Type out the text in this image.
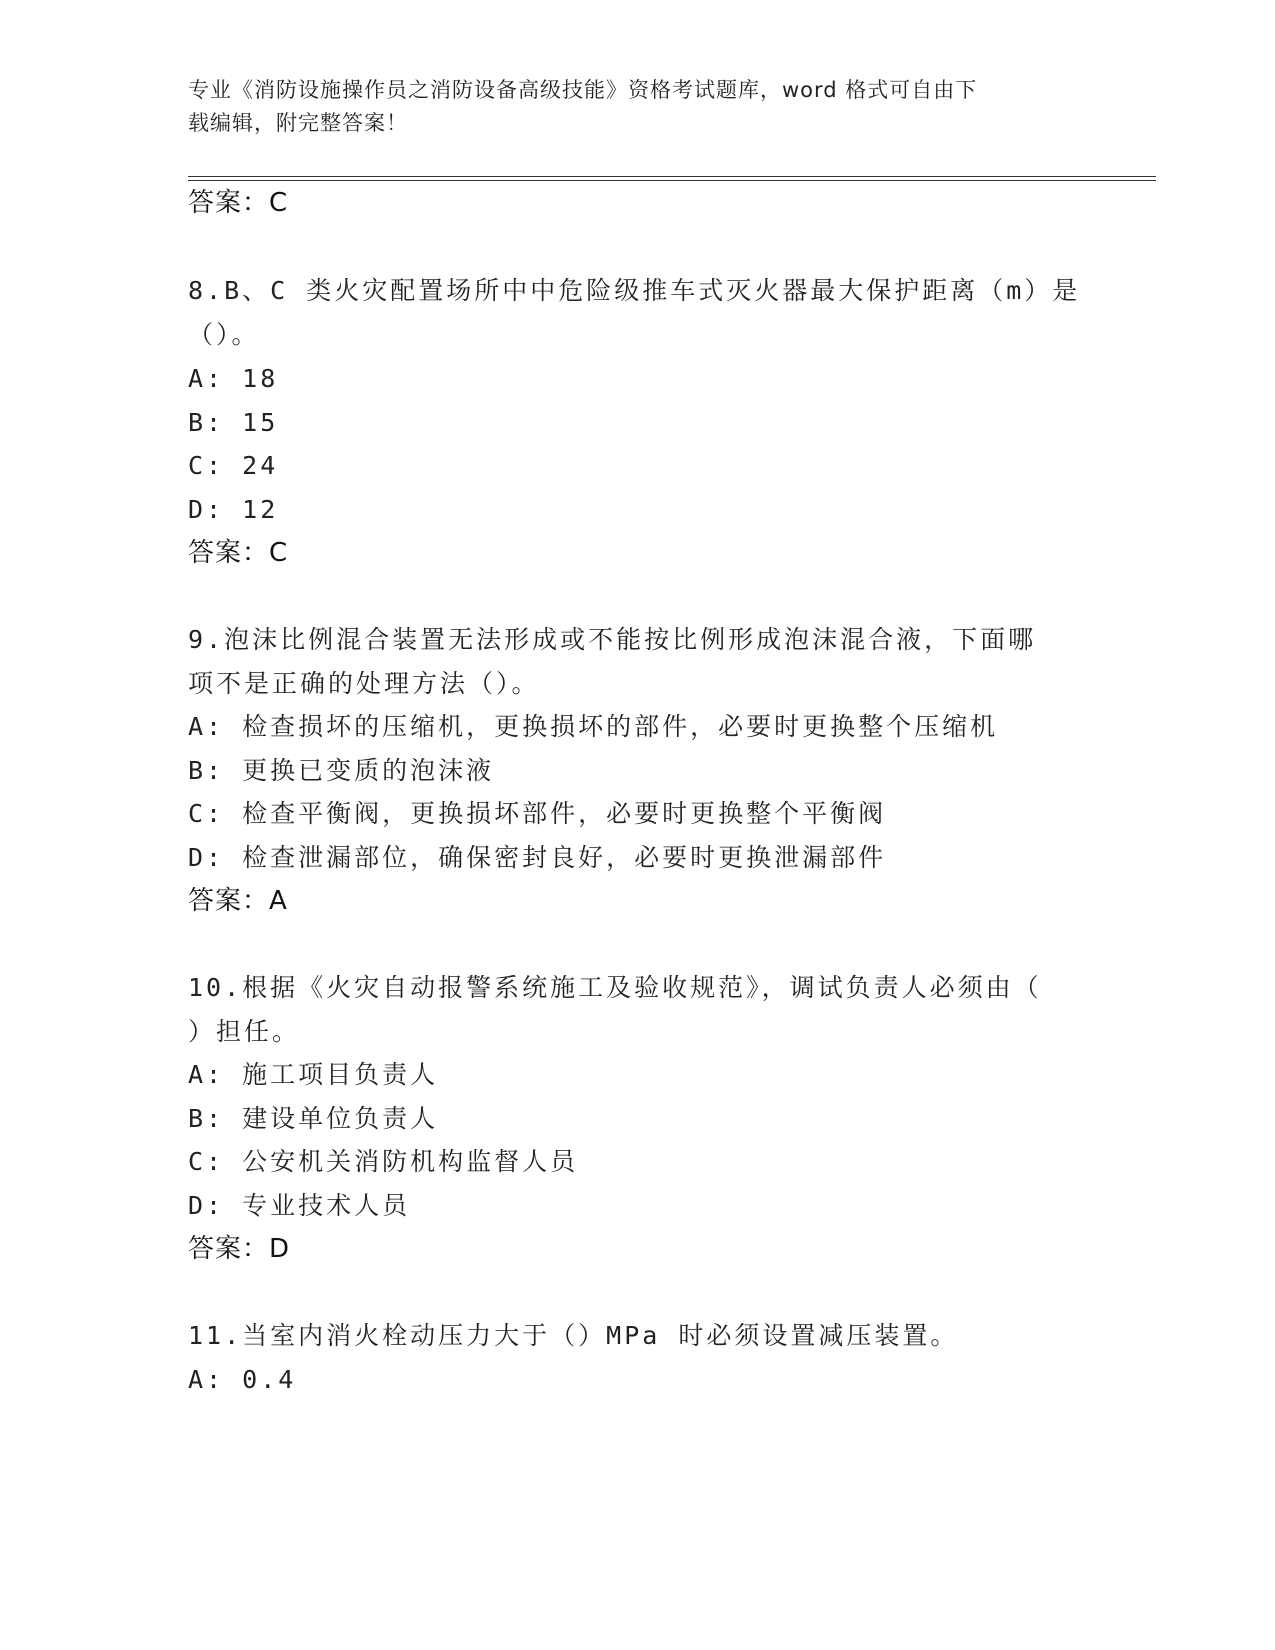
专业《消防设施操作员之消防设备高级技能》资格考试题库，word 格式可自由下
载编辑，附完整答案！
答案：C
8.B、C 类火灾配置场所中中危险级推车式灭火器最大保护距离（m）是
（）。
A: 18
B: 15
C: 24
D: 12
答案：C
9.泡沫比例混合装置无法形成或不能按比例形成泡沫混合液，下面哪
项不是正确的处理方法（）。
A: 检查损坏的压缩机，更换损坏的部件，必要时更换整个压缩机
B: 更换已变质的泡沫液
C: 检查平衡阀，更换损坏部件，必要时更换整个平衡阀
D: 检查泄漏部位，确保密封良好，必要时更换泄漏部件
答案：A
10.根据《火灾自动报警系统施工及验收规范》，调试负责人必须由（
）担任。
A: 施工项目负责人
B: 建设单位负责人
C: 公安机关消防机构监督人员
D: 专业技术人员
答案：D
11.当室内消火栓动压力大于（）MPa 时必须设置减压装置。
A: 0.4
